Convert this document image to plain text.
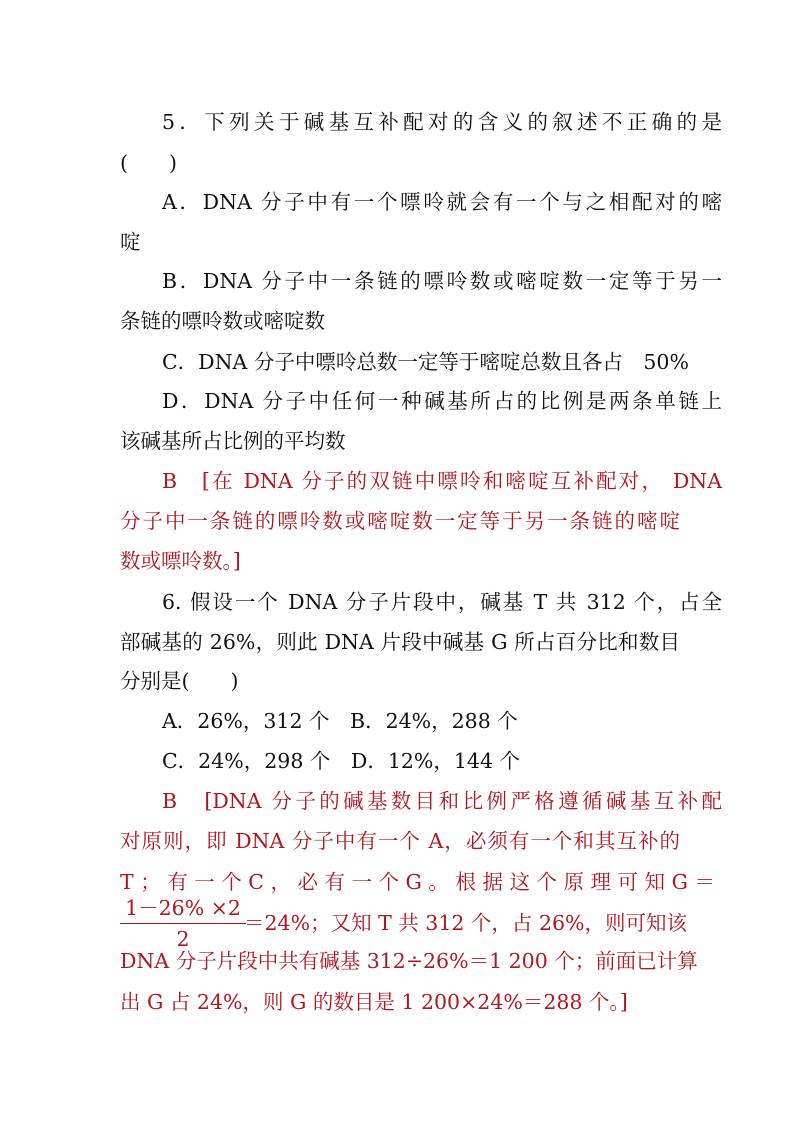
5．下列关于碱基互补配对的含义的叙述不正确的是
(　　)
A．DNA 分子中有一个嘌呤就会有一个与之相配对的嘧
啶
B．DNA 分子中一条链的嘌呤数或嘧啶数一定等于另一
条链的嘌呤数或嘧啶数
C．DNA 分子中嘌呤总数一定等于嘧啶总数且各占　50%
D．DNA 分子中任何一种碱基所占的比例是两条单链上
该碱基所占比例的平均数
B　[在 DNA 分子的双链中嘌呤和嘧啶互补配对， DNA
分子中一条链的嘌呤数或嘧啶数一定等于另一条链的嘧啶
数或嘌呤数。]
6. 假设一个 DNA 分子片段中，碱基 T 共 312 个，占全
部碱基的 26%，则此 DNA 片段中碱基 G 所占百分比和数目
分别是(　　)
A．26%，312 个　B．24%，288 个
C．24%，298 个　D．12%，144 个
B　[DNA 分子的碱基数目和比例严格遵循碱基互补配
对原则，即 DNA 分子中有一个 A，必须有一个和其互补的
T ； 有 一 个 C ， 必 有 一 个 G 。 根 据 这 个 原 理 可 知 G ＝
1－26% ×2
2
＝24%；又知 T 共 312 个，占 26%，则可知该
DNA 分子片段中共有碱基 312÷26%＝1 200 个；前面已计算
出 G 占 24%，则 G 的数目是 1 200×24%＝288 个。]
